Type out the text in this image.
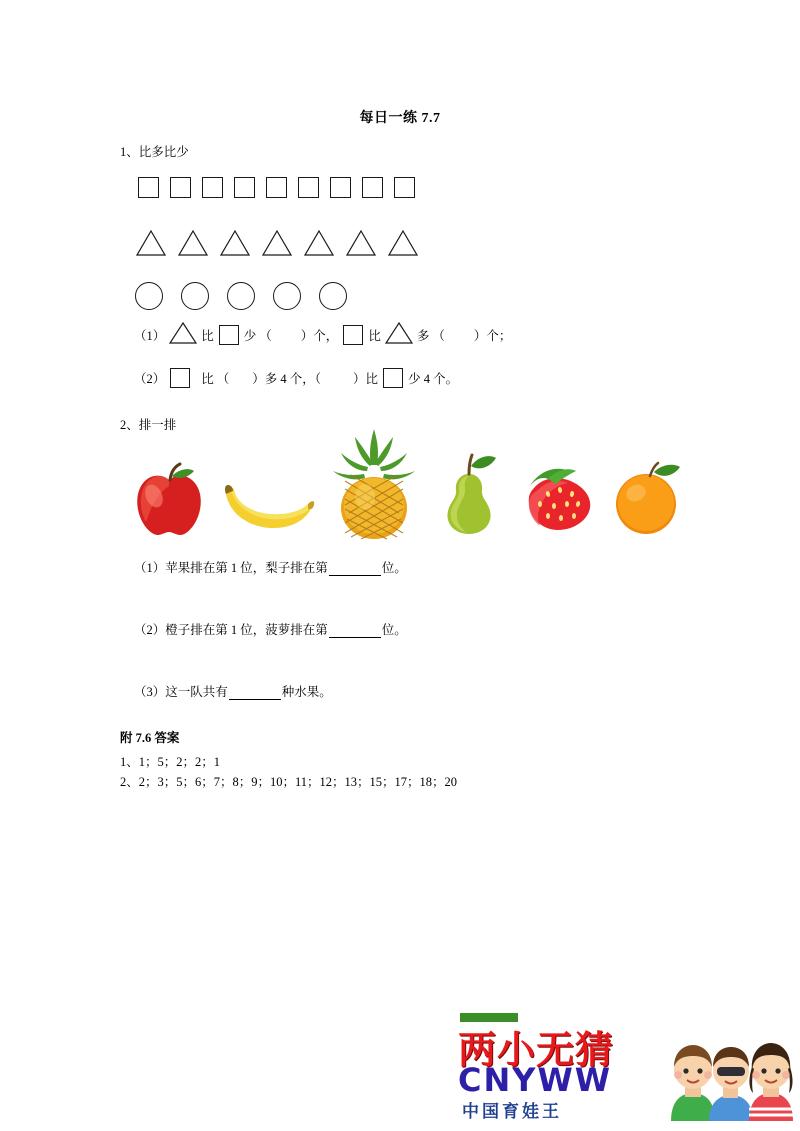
每日一练 7.7
1、比多比少
（1）	比 少（ ）个， 比	多（ ）个；
（2）	比（ ）多 4 个，（	）比 少 4 个。
2、排一排
（1）苹果排在第 1 位，梨子排在第	位。
（2）橙子排在第 1 位，菠萝排在第	位。
（3）这一队共有	种水果。
附 7.6 答案
1、1；5；2；2；1
2、2；3；5；6；7；8；9；10；11；12；13；15；17；18；20
两小无猜
CNYWW
中国育娃王
